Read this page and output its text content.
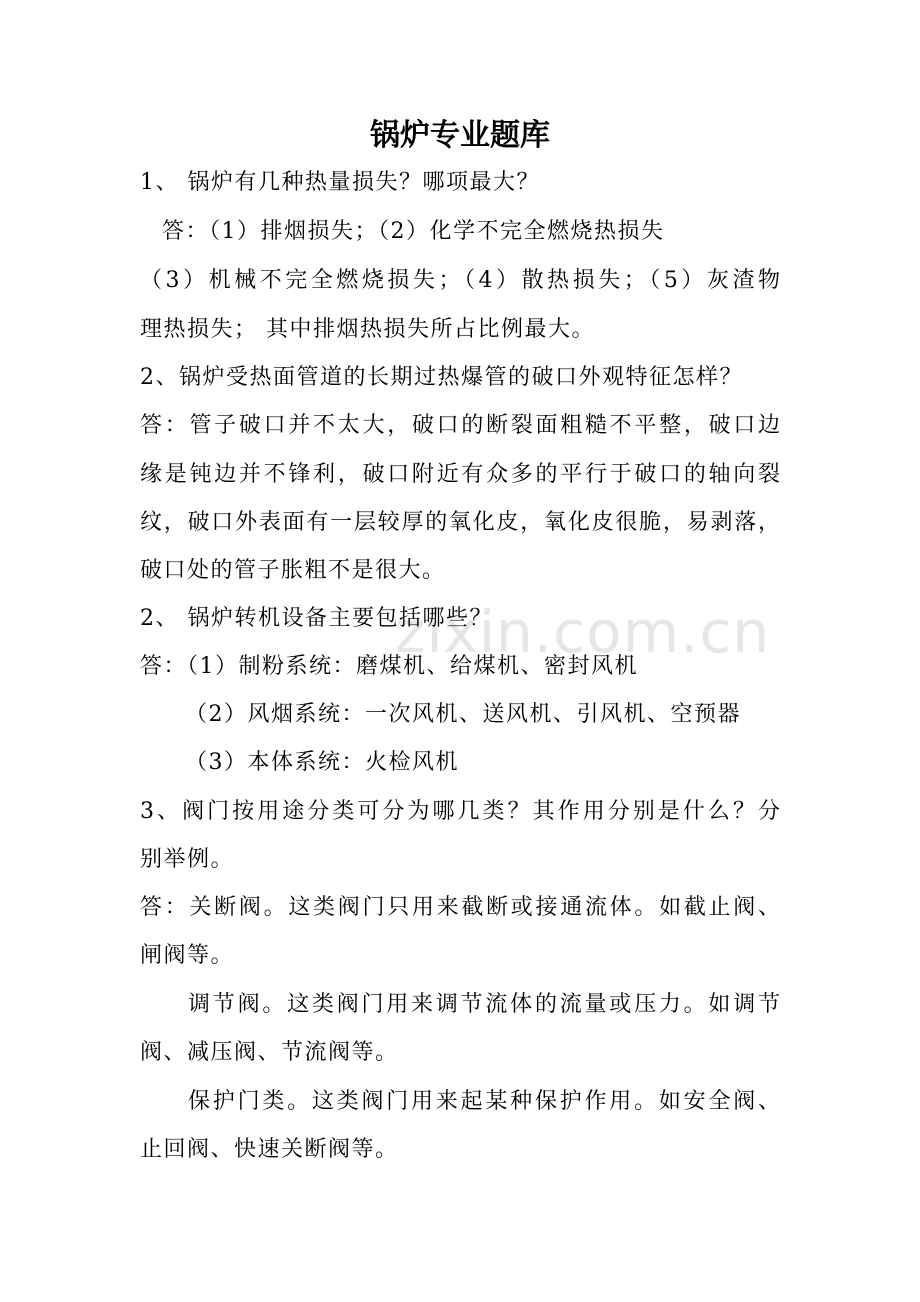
zixin.com.cn
锅炉专业题库
1、 锅炉有几种热量损失？哪项最大？
答：（1）排烟损失；（2）化学不完全燃烧热损失
（3）机械不完全燃烧损失；（4）散热损失；（5）灰渣物
理热损失； 其中排烟热损失所占比例最大。
2、锅炉受热面管道的长期过热爆管的破口外观特征怎样？
答：管子破口并不太大，破口的断裂面粗糙不平整，破口边
缘是钝边并不锋利，破口附近有众多的平行于破口的轴向裂
纹，破口外表面有一层较厚的氧化皮，氧化皮很脆，易剥落，
破口处的管子胀粗不是很大。
2、 锅炉转机设备主要包括哪些？
答：（1）制粉系统：磨煤机、给煤机、密封风机
（2）风烟系统：一次风机、送风机、引风机、空预器
（3）本体系统：火检风机
3、阀门按用途分类可分为哪几类？其作用分别是什么？分
别举例。
答：关断阀。这类阀门只用来截断或接通流体。如截止阀、
闸阀等。
调节阀。这类阀门用来调节流体的流量或压力。如调节
阀、减压阀、节流阀等。
保护门类。这类阀门用来起某种保护作用。如安全阀、
止回阀、快速关断阀等。
